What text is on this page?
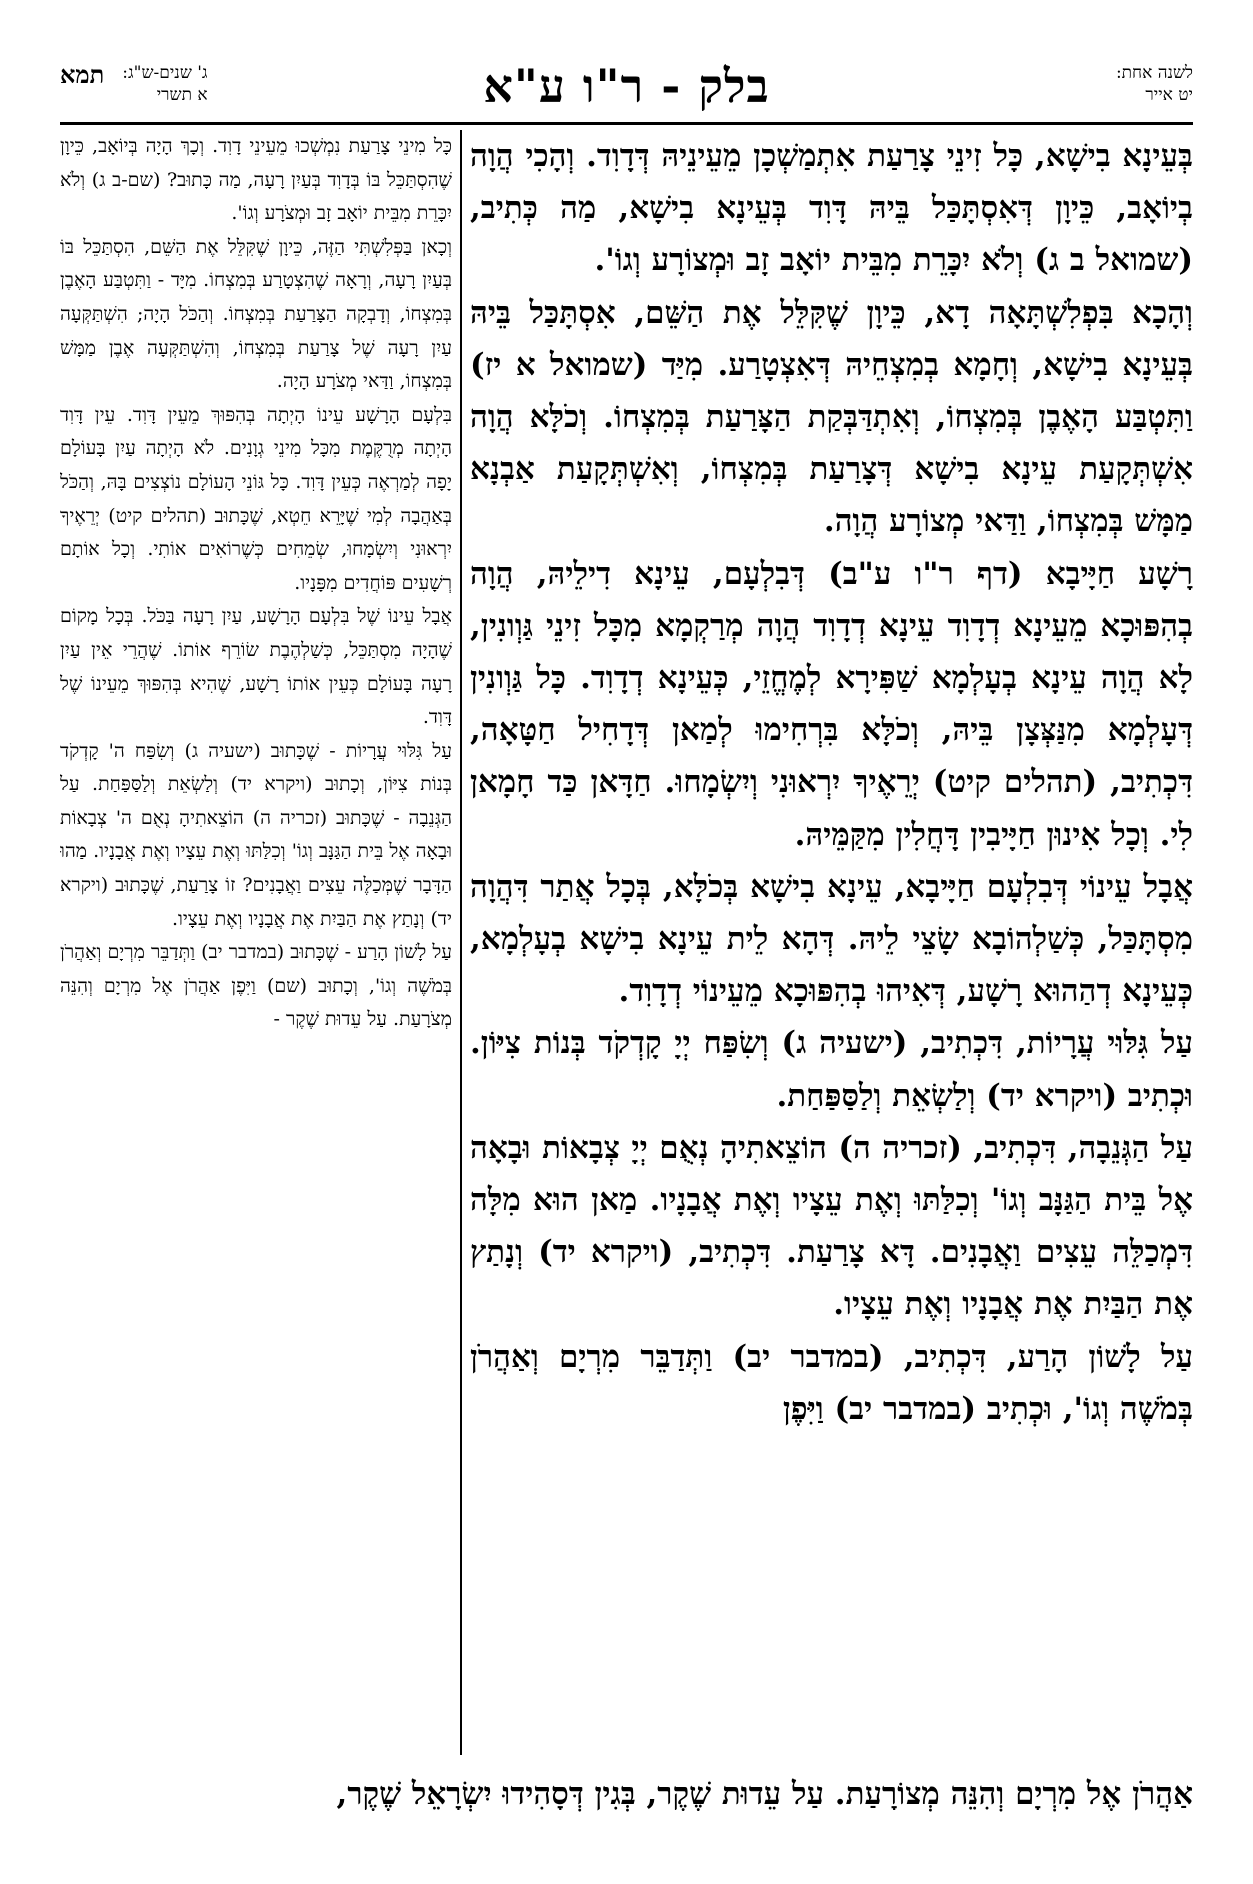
לשנה אחת:
יט אייר
בלק - ר"ו ע"א
ג' שנים-ש"ג:
א תשרי
תמא

בְּעֵינָא בִישָׁא, כָּל זִינֵי צָרַעַת אִתְמַשְׁכָן מֵעֵינֵיהּ דְּדָוִד. וְהָכִי הֲוָה בְיוֹאָב, כֵּיוָן דְּאִסְתָּכַּל בֵּיהּ דָּוִד בְּעֵינָא בִישָׁא, מַה כְּתִיב, (שמואל ב ג) וְלֹא יִכָּרֵת מִבֵּית יוֹאָב זָב וּמְצוֹרָע וְגוֹ'.

וְהָכָא בִּפְלִשְׁתָּאָה דָא, כֵּיוָן שֶׁקִּלֵּל אֶת הַשֵּׁם, אִסְתָּכַּל בֵּיהּ בְּעֵינָא בִישָׁא, וְחָמָא בְמִצְחֵיהּ דְּאִצְטָרַע. מִיַּד (שמואל א יז) וַתִּטְבַּע הָאֶבֶן בְּמִצְחוֹ, וְאִתְדַּבְּקַת הַצָּרַעַת בְּמִצְחוֹ. וְכֹלָּא הֲוָה אִשְׁתְּקָעַת עֵינָא בִישָׁא דְּצָרַעַת בְּמִצְחוֹ, וְאִשְׁתְּקָעַת אַבְנָא מַמָּשׁ בְּמִצְחוֹ, וַדַּאי מְצוֹרָע הֲוָה.

רָשָׁע חַיָּיבָא (דף ר"ו ע"ב) דְּבִלְעָם, עֵינָא דִילֵיהּ, הֲוָה בְהִפּוּכָא מֵעֵינָא דְדָוִד עֵינָא דְדָוִד הֲוָה מְרַקְמָא מִכָּל זִינֵי גַּוְונִין, לָא הֲוָה עֵינָא בְעָלְמָא שַׁפִּירָא לְמֶחֱזֵי, כְּעֵינָא דְדָוִד. כָּל גַּוְונִין דְּעָלְמָא מִנַּצְּצָן בֵּיהּ, וְכֹלָּא בִּרְחִימוּ לְמַאן דְּדָחִיל חַטָּאָה, דִּכְתִיב, (תהלים קיט) יְרֵאֶיךָ יִרְאוּנִי וְיִשְׂמָחוּ. חַדָּאן כַּד חָמָאן לִי. וְכָל אִינוּן חַיָּיבִין דָּחֲלִין מִקַּמֵּיהּ.

אֲבָל עֵינוֹי דְּבִלְעָם חַיָּיבָא, עֵינָא בִישָׁא בְּכֹלָּא, בְּכָל אֲתַר דִּהֲוָה מִסְתָּכַּל, כְּשַׁלְהוֹבָא שָׂצֵי לֵיהּ. דְּהָא לֵית עֵינָא בִישָׁא בְעָלְמָא, כְּעֵינָא דְהַהוּא רָשָׁע, דְּאִיהוּ בְהִפּוּכָא מֵעֵינוֹי דְדָוִד.

עַל גִּלּוּי עֲרָיוֹת, דִּכְתִיב, (ישעיה ג) וְשִׂפַּח יְיָ קָדְקֹד בְּנוֹת צִיּוֹן. וּכְתִיב (ויקרא יד) וְלַשְׂאֵת וְלַסַּפַּחַת.

עַל הַגְּנֵבָה, דִּכְתִיב, (זכריה ה) הוֹצֵאתִיהָ נְאֻם יְיָ צְבָאוֹת וּבָאָה אֶל בֵּית הַגַּנָּב וְגוֹ' וְכִלַּתּוּ וְאֶת עֵצָיו וְאֶת אֲבָנָיו. מַאן הוּא מִלָּה דִּמְכַלֵּה עֵצִים וַאֲבָנִים. דָּא צָרַעַת. דִּכְתִיב, (ויקרא יד) וְנָתַץ אֶת הַבַּיִת אֶת אֲבָנָיו וְאֶת עֵצָיו.

עַל לָשׁוֹן הָרַע, דִּכְתִיב, (במדבר יב) וַתְּדַבֵּר מִרְיָם וְאַהֲרֹן בְּמֹשֶׁה וְגוֹ', וּכְתִיב (במדבר יב) וַיִּפֶן

כָּל מִינֵי צָרַעַת נִמְשְׁכוּ מֵעֵינֵי דָוִד. וְכָךְ הָיָה בְּיוֹאָב, כֵּיוָן שֶׁהִסְתַּכֵּל בּוֹ בְּדָוִד בְּעַיִן רָעָה, מַה כָּתוּב? (שם-ב ג) וְלֹא יִכָּרֵת מִבֵּית יוֹאָב זָב וּמְצֹרָע וְגוֹ'.

וְכָאן בַּפְּלִשְׁתִּי הַזֶּה, כֵּיוָן שֶׁקִּלֵּל אֶת הַשֵּׁם, הִסְתַּכֵּל בּוֹ בְּעַיִן רָעָה, וְרָאָה שֶׁהִצְטָרַע בְּמִצְחוֹ. מִיָּד - וַתִּטְבַּע הָאֶבֶן בְּמִצְחוֹ, וְדָבְקָה הַצָּרַעַת בְּמִצְחוֹ. וְהַכֹּל הָיָה; הִשְׁתַּקְּעָה עַיִן רָעָה שֶׁל צָרַעַת בְּמִצְחוֹ, וְהִשְׁתַּקְּעָה אֶבֶן מַמָּשׁ בְּמִצְחוֹ, וַדַּאי מְצֹרָע הָיָה.

בִּלְעָם הָרָשָׁע עֵינוֹ הָיְתָה בְּהִפּוּךְ מֵעֵין דָּוִד. עֵין דָּוִד הָיְתָה מְרֻקֶּמֶת מִכָּל מִינֵי גְוָנִים. לֹא הָיְתָה עַיִן בָּעוֹלָם יָפָה לְמַרְאֶה כְּעֵין דָּוִד. כָּל גּוֹנֵי הָעוֹלָם נוֹצְצִים בָּהּ, וְהַכֹּל בְּאַהֲבָה לְמִי שֶׁיָּרֵא חֵטְא, שֶׁכָּתוּב (תהלים קיט) יְרֵאֶיךָ יִרְאוּנִי וְיִשְׂמָחוּ, שְׂמֵחִים כְּשֶׁרוֹאִים אוֹתִי. וְכָל אוֹתָם רְשָׁעִים פּוֹחֲדִים מִפָּנָיו.

אֲבָל עֵינוֹ שֶׁל בִּלְעָם הָרָשָׁע, עַיִן רָעָה בַּכֹּל. בְּכָל מָקוֹם שֶׁהָיָה מִסְתַּכֵּל, כְּשַׁלְהֶבֶת שׂוֹרֵף אוֹתוֹ. שֶׁהֲרֵי אֵין עַיִן רָעָה בָּעוֹלָם כְּעֵין אוֹתוֹ רָשָׁע, שֶׁהִיא בְּהִפּוּךְ מֵעֵינוֹ שֶׁל דָּוִד.

עַל גִּלּוּי עֲרָיוֹת - שֶׁכָּתוּב (ישעיה ג) וְשִׂפַּח ה' קָדְקֹד בְּנוֹת צִיּוֹן, וְכָתוּב (ויקרא יד) וְלַשְׂאֵת וְלַסַּפַּחַת. עַל הַגְּנֵבָה - שֶׁכָּתוּב (זכריה ה) הוֹצֵאתִיהָ נְאֻם ה' צְבָאוֹת וּבָאָה אֶל בֵּית הַגַּנָּב וְגוֹ' וְכִלַּתּוּ וְאֶת עֵצָיו וְאֶת אֲבָנָיו. מַהוּ הַדָּבָר שֶׁמְּכַלֶּה עֵצִים וַאֲבָנִים? זוֹ צָרַעַת, שֶׁכָּתוּב (ויקרא יד) וְנָתַץ אֶת הַבַּיִת אֶת אֲבָנָיו וְאֶת עֵצָיו.

עַל לָשׁוֹן הָרַע - שֶׁכָּתוּב (במדבר יב) וַתְּדַבֵּר מִרְיָם וְאַהֲרֹן בְּמֹשֶׁה וְגוֹ', וְכָתוּב (שם) וַיִּפֶן אַהֲרֹן אֶל מִרְיָם וְהִנֵּה מְצֹרָעַת. עַל עֵדוּת שֶׁקֶר -

אַהֲרֹן אֶל מִרְיָם וְהִנֵּה מְצוֹרָעַת. עַל עֵדוּת שֶׁקֶר, בְּגִין דְּסָהִידוּ יִשְׂרָאֵל שֶׁקֶר,
